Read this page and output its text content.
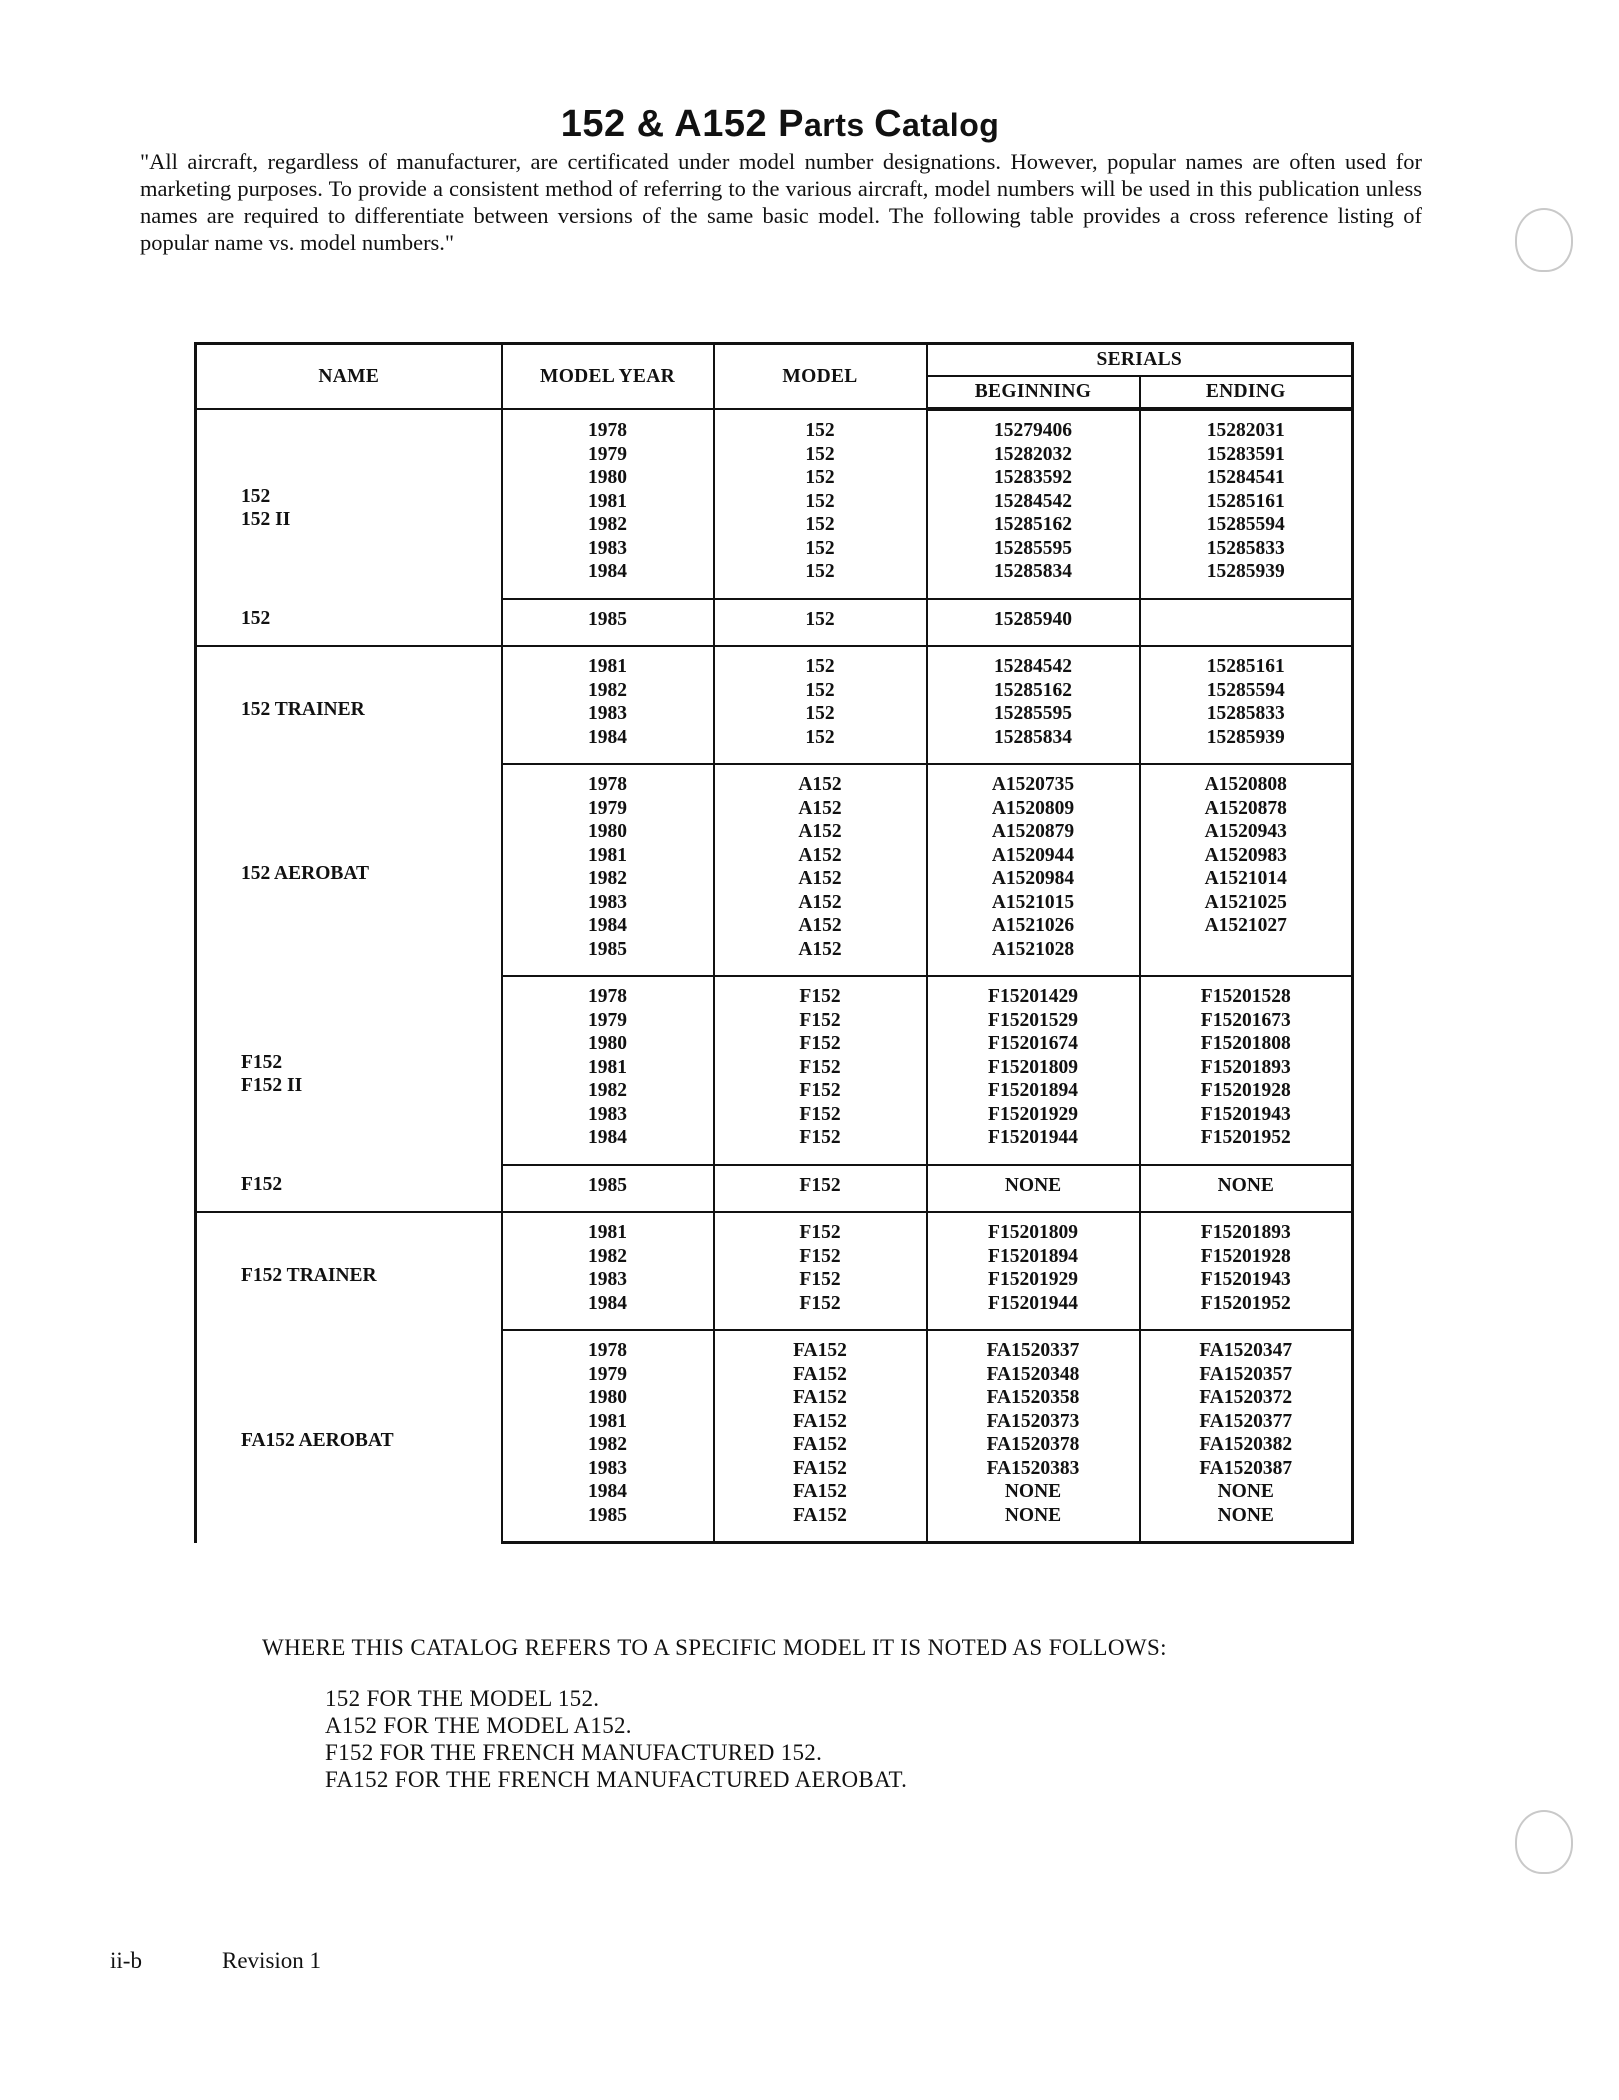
152 & A152 Parts Catalog

"All aircraft, regardless of manufacturer, are certificated under model number designations. However, popular names are often used for marketing purposes. To provide a consistent method of referring to the various aircraft, model numbers will be used in this publication unless names are required to differentiate between versions of the same basic model. The following table provides a cross reference listing of popular name vs. model numbers."

NAME	MODEL YEAR	MODEL	SERIALS	
			BEGINNING	ENDING

152
152 II	1978	152	15279406	15282031
	1979	152	15282032	15283591
	1980	152	15283592	15284541
	1981	152	15284542	15285161
	1982	152	15285162	15285594
	1983	152	15285595	15285833
	1984	152	15285834	15285939

152	1985	152	15285940	

152 TRAINER	1981	152	15284542	15285161
	1982	152	15285162	15285594
	1983	152	15285595	15285833
	1984	152	15285834	15285939

152 AEROBAT	1978	A152	A1520735	A1520808
	1979	A152	A1520809	A1520878
	1980	A152	A1520879	A1520943
	1981	A152	A1520944	A1520983
	1982	A152	A1520984	A1521014
	1983	A152	A1521015	A1521025
	1984	A152	A1521026	A1521027
	1985	A152	A1521028	

F152
F152 II	1978	F152	F15201429	F15201528
	1979	F152	F15201529	F15201673
	1980	F152	F15201674	F15201808
	1981	F152	F15201809	F15201893
	1982	F152	F15201894	F15201928
	1983	F152	F15201929	F15201943
	1984	F152	F15201944	F15201952

F152	1985	F152	NONE	NONE

F152 TRAINER	1981	F152	F15201809	F15201893
	1982	F152	F15201894	F15201928
	1983	F152	F15201929	F15201943
	1984	F152	F15201944	F15201952

FA152 AEROBAT	1978	FA152	FA1520337	FA1520347
	1979	FA152	FA1520348	FA1520357
	1980	FA152	FA1520358	FA1520372
	1981	FA152	FA1520373	FA1520377
	1982	FA152	FA1520378	FA1520382
	1983	FA152	FA1520383	FA1520387
	1984	FA152	NONE	NONE
	1985	FA152	NONE	NONE
WHERE THIS CATALOG REFERS TO A SPECIFIC MODEL IT IS NOTED AS FOLLOWS:
152 FOR THE MODEL 152.
A152 FOR THE MODEL A152.
F152 FOR THE FRENCH MANUFACTURED 152.
FA152 FOR THE FRENCH MANUFACTURED AEROBAT.
ii-b	Revision 1
